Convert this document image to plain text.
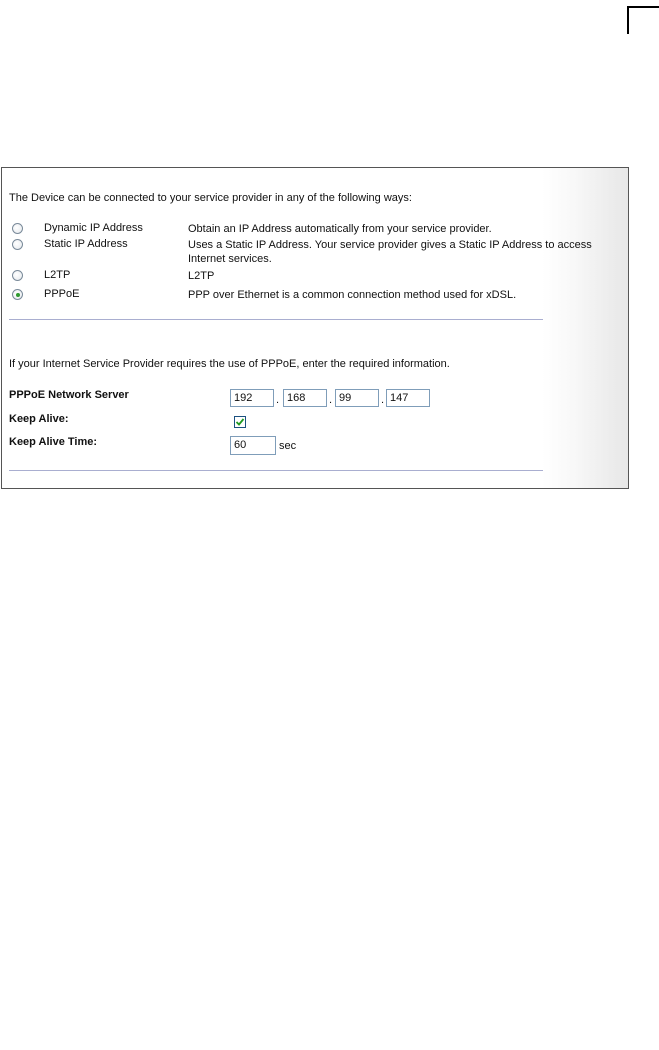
The Device can be connected to your service provider in any of the following ways:
Dynamic IP Address	Obtain an IP Address automatically from your service provider.
Static IP Address	Uses a Static IP Address. Your service provider gives a Static IP Address to access Internet services.
L2TP	L2TP
PPPoE	PPP over Ethernet is a common connection method used for xDSL.
If your Internet Service Provider requires the use of PPPoE, enter the required information.
PPPoE Network Server	192	. 168	. 99	. 147
Keep Alive:
Keep Alive Time:	60	sec
